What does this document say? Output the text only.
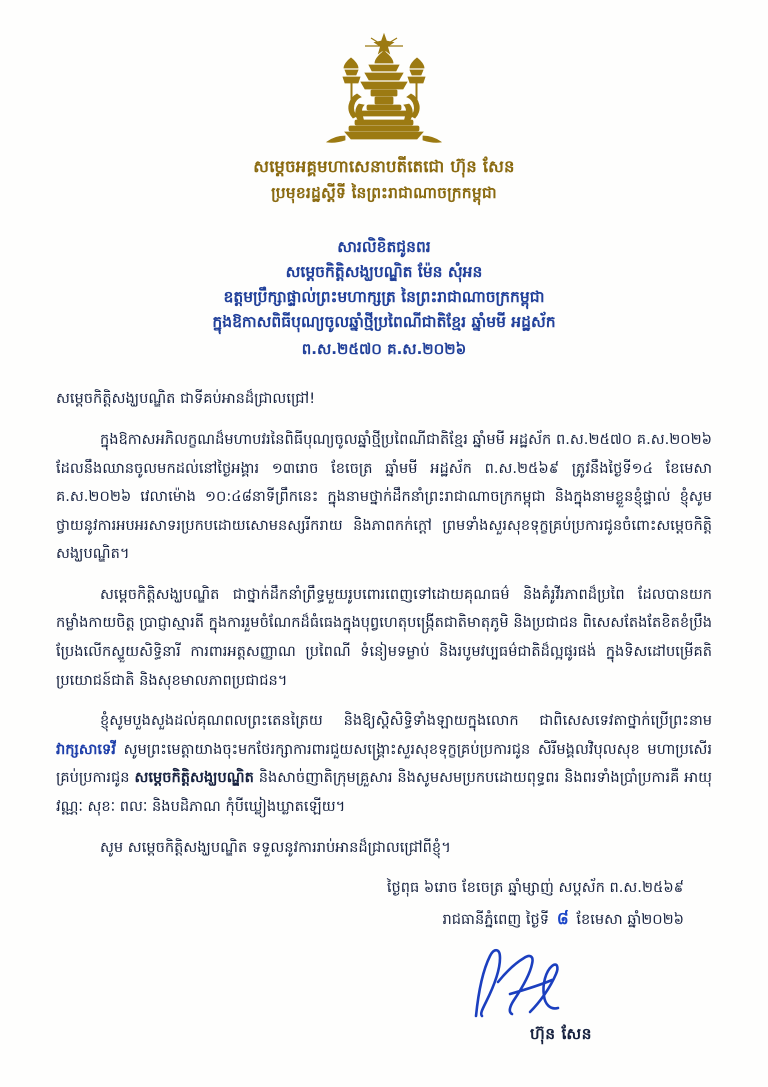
សម្តេចអគ្គមហាសេនាបតីតេជោ ហ៊ុន សែន
ប្រមុខរដ្ឋស្តីទី នៃព្រះរាជាណាចក្រកម្ពុជា
សារលិខិតជូនពរ
សម្តេចកិត្តិសង្ឃបណ្ឌិត ម៉ែន ស៉ំអន
ឧត្តមប្រឹក្សាផ្ទាល់ព្រះមហាក្សត្រ នៃព្រះរាជាណាចក្រកម្ពុជា
ក្នុងឱកាសពិធីបុណ្យចូលឆ្នាំថ្មីប្រពៃណីជាតិខ្មែរ ឆ្នាំមមី អដ្ឋស័ក
ព.ស.២៥៧០ គ.ស.២០២៦

សម្តេចកិត្តិសង្ឃបណ្ឌិត ជាទីគប់អានដ៏ជ្រាលជ្រៅ!

ក្នុងឱកាសអភិលក្ខណដ៏មហាបវរនៃពិធីបុណ្យចូលឆ្នាំថ្មីប្រពៃណីជាតិខ្មែរ ឆ្នាំមមី អដ្ឋស័ក ព.ស.២៥៧០ គ.ស.២០២៦ ដែលនឹងឈានចូលមកដល់នៅថ្ងៃអង្គារ ១៣រោច ខែចេត្រ ឆ្នាំមមី អដ្ឋស័ក ព.ស.២៥៦៩ ត្រូវនឹងថ្ងៃទី១៤ ខែមេសា គ.ស.២០២៦ វេលាម៉ោង ១០:៤៨នាទីព្រឹកនេះ ក្នុងនាមថ្នាក់ដឹកនាំព្រះរាជាណាចក្រកម្ពុជា និងក្នុងនាមខ្លួនខ្ញុំផ្ទាល់ ខ្ញុំសូមថ្វាយនូវការអបអរសាទរប្រកបដោយសោមនស្សរីករាយ និងភាពកក់ក្តៅ ព្រមទាំងសួរសុខទុក្ខគ្រប់ប្រការជូនចំពោះសម្តេចកិត្តិសង្ឃបណ្ឌិត។

សម្តេចកិត្តិសង្ឃបណ្ឌិត ជាថ្នាក់ដឹកនាំព្រឹទ្ធមួយរូបពោរពេញទៅដោយគុណធម៌ និងគំរូវីរភាពដ៏ប្រពៃ ដែលបានយកកម្លាំងកាយចិត្ត ប្រាជ្ញាស្មារតី ក្នុងការរួមចំណែកដ៏ធំធេងក្នុងបុព្វហេតុបង្រ្កើតជាតិមាតុភូមិ និងប្រជាជន ពិសេសតែងតែខិតខំប្រឹងប្រែងលើកស្ទួយសិទ្ធិនារី ការពារអត្តសញ្ញាណ ប្រពៃណី ទំនៀមទម្លាប់ និងរបូមវប្បធម៌ជាតិដ៏ល្អផូរផង់ ក្នុងទិសដៅបម្រើគតិប្រយោជន៍ជាតិ និងសុខមាលភាពប្រជាជន។

ខ្ញុំសូមបួងសួងដល់គុណពលព្រះតេនត្រៃយ និងឱ្យស្តិសិទ្ធិទាំងឡាយក្នុងលោក ជាពិសេសទេវតាថ្នាក់ប្រើព្រះនាម វាក្សសាទេវី សូមព្រះមេត្តាយាងចុះមកថែរក្សាការពារជួយសង្គ្រោះសួរសុខទុក្ខគ្រប់ប្រការជូន សិរីមង្គលវិបុលសុខ មហាប្រសើរគ្រប់ប្រការជូន សម្តេចកិត្តិសង្ឃបណ្ឌិត និងសាច់ញាតិក្រុមគ្រួសារ និងសូមសមប្រកបដោយពុទ្ធពរ និងពរទាំងប្រាំប្រការគឺ អាយុ វណ្ណៈ សុខៈ ពលៈ និងបដិភាណ កុំបីឃ្លៀងឃ្លាតឡើយ។

សូម សម្តេចកិត្តិសង្ឃបណ្ឌិត ទទួលនូវការរាប់អានដ៏ជ្រាលជ្រៅពីខ្ញុំ។

ថ្ងៃពុធ ៦រោច ខែចេត្រ ឆ្នាំម្សាញ់ សប្តស័ក ព.ស.២៥៦៩
រាជធានីភ្នំពេញ ថ្ងៃទី ៨ ខែមេសា ឆ្នាំ២០២៦
ហ៊ុន សែន
